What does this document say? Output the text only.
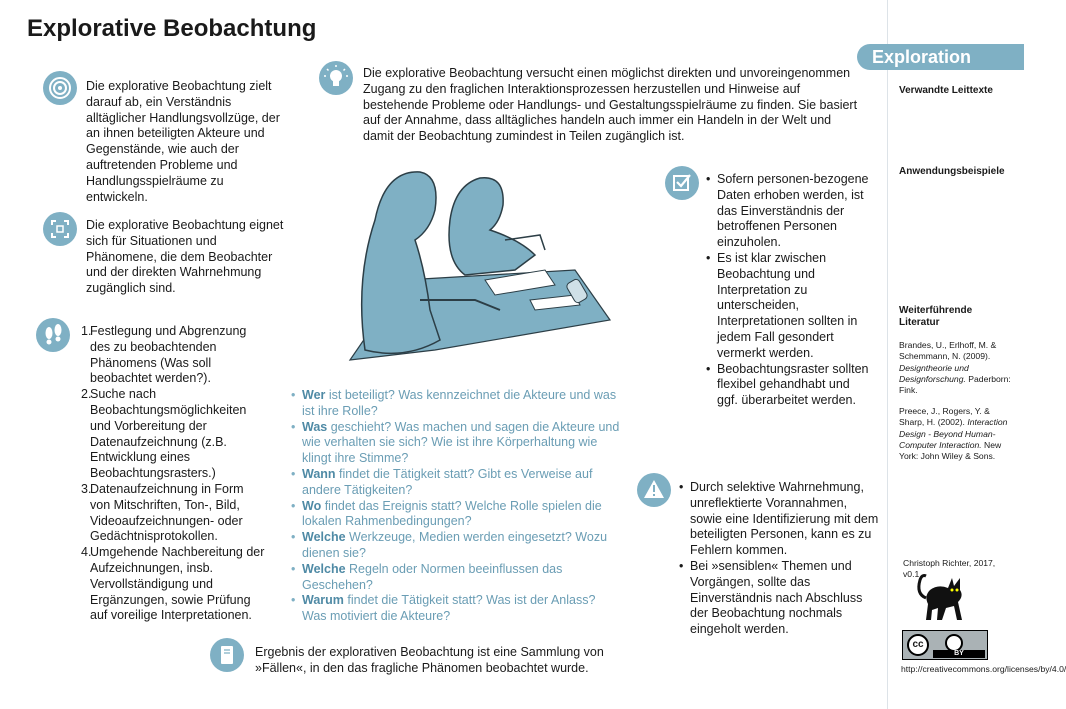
Explorative Beobachtung
Exploration
Verwandte Leittexte
Anwendungsbeispiele
Weiterführende Literatur
Brandes, U., Erlhoff, M. & Schemmann, N. (2009). Designtheorie und Designforschung. Paderborn: Fink.
Preece, J., Rogers, Y. & Sharp, H. (2002). Interaction Design - Beyond Human-Computer Interaction. New York: John Wiley & Sons.
Christoph Richter, 2017, v0.1
cc
BY
http://creativecommons.org/licenses/by/4.0/
Die explorative Beobachtung zielt darauf ab, ein Verständnis alltäglicher Handlungsvollzüge, der an ihnen beteiligten Akteure und Gegenstände, wie auch der auftretenden Probleme und Handlungsspielräume zu entwickeln.
Die explorative Beobachtung eignet sich für Situationen und Phänomene, die dem Beobachter und der direkten Wahrnehmung zugänglich sind.
1.
Festlegung und Abgrenzung des zu beobachtenden Phänomens (Was soll beobachtet werden?).
2.
Suche nach Beobachtungsmöglichkeiten und Vorbereitung der Datenaufzeichnung (z.B. Entwicklung eines Beobachtungsrasters.)
3.
Datenaufzeichnung in Form von Mitschriften, Ton-, Bild, Videoaufzeichnungen- oder Gedächtnisprotokollen.
4.
Umgehende Nachbereitung der Aufzeichnungen, insb. Vervollständigung und Ergänzungen, sowie Prüfung auf voreilige Interpretationen.
Die explorative Beobachtung versucht einen möglichst direkten und unvoreingenommen Zugang zu den fraglichen Interaktionsprozessen herzustellen und Hinweise auf bestehende Probleme oder Handlungs- und Gestaltungsspielräume zu finden. Sie basiert auf der Annahme, dass alltägliches handeln auch immer ein Handeln in der Welt und damit der Beobachtung zumindest in Teilen zugänglich ist.
• Wer ist beteiligt? Was kennzeichnet die Akteure und was ist ihre Rolle?
• Was geschieht? Was machen und sagen die Akteure und wie verhalten sie sich? Wie ist ihre Körperhaltung wie klingt ihre Stimme?
• Wann findet die Tätigkeit statt? Gibt es Verweise auf andere Tätigkeiten?
• Wo findet das Ereignis statt? Welche Rolle spielen die lokalen Rahmenbedingungen?
• Welche Werkzeuge, Medien werden eingesetzt? Wozu dienen sie?
• Welche Regeln oder Normen beeinflussen das Geschehen?
• Warum findet die Tätigkeit statt? Was ist der Anlass? Was motiviert die Akteure?
Ergebnis der explorativen Beobachtung ist eine Sammlung von »Fällen«, in den das fragliche Phänomen beobachtet wurde.
• Sofern personen-bezogene Daten erhoben werden, ist das Einverständnis der betroffenen Personen einzuholen.
• Es ist klar zwischen Beobachtung und Interpretation zu unterscheiden, Interpretationen sollten in jedem Fall gesondert vermerkt werden.
• Beobachtungsraster sollten flexibel gehandhabt und ggf. überarbeitet werden.
• Durch selektive Wahrnehmung, unreflektierte Vorannahmen, sowie eine Identifizierung mit dem beteiligten Personen, kann es zu Fehlern kommen.
• Bei »sensiblen« Themen und Vorgängen, sollte das Einverständnis nach Abschluss der Beobachtung nochmals eingeholt werden.
